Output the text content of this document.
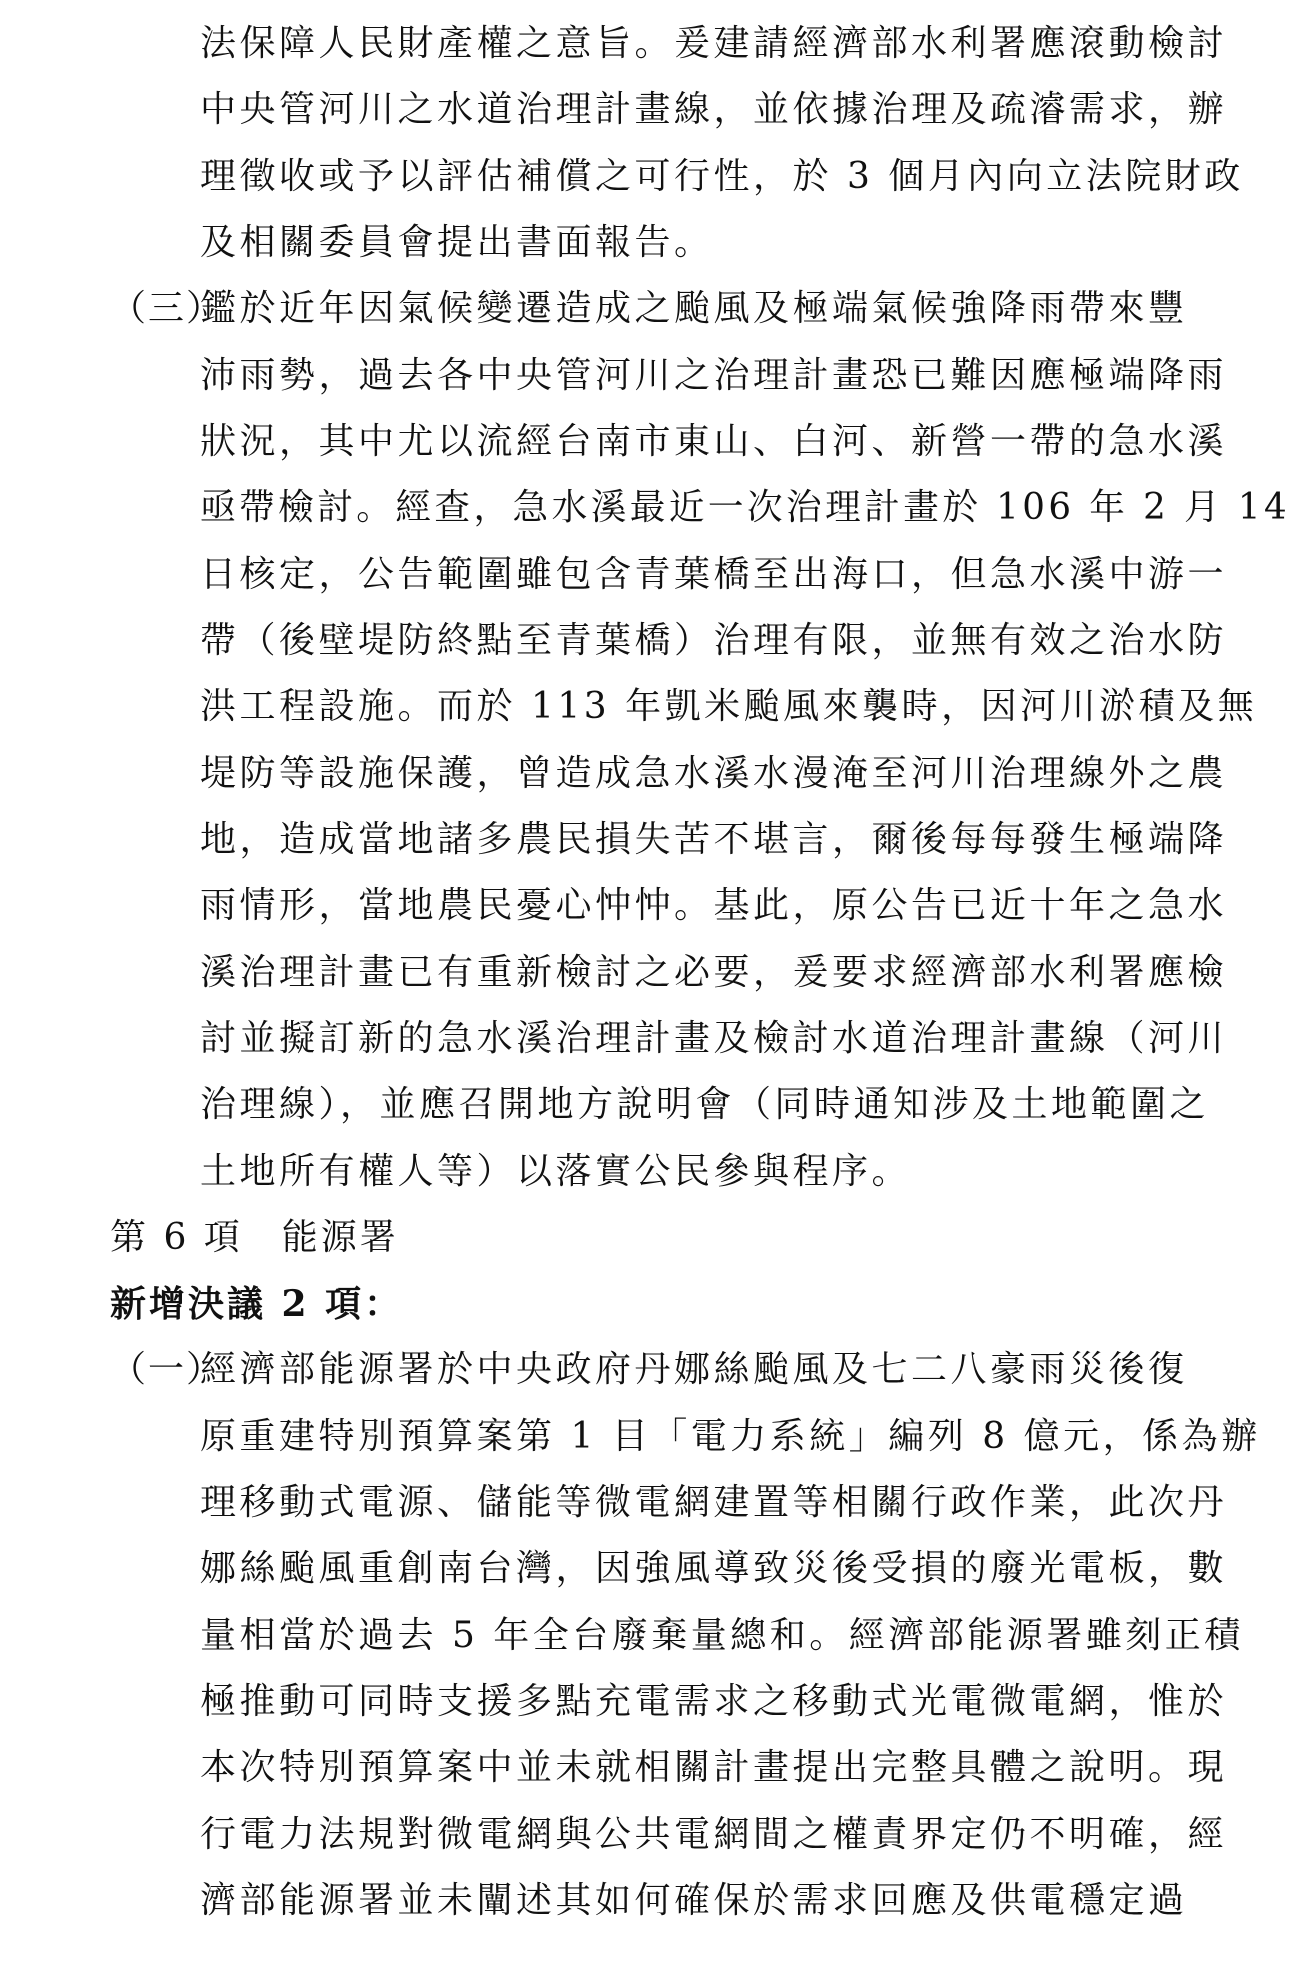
法保障人民財產權之意旨。爰建請經濟部水利署應滾動檢討
中央管河川之水道治理計畫線，並依據治理及疏濬需求，辦
理徵收或予以評估補償之可行性，於 3 個月內向立法院財政
及相關委員會提出書面報告。
（三）
鑑於近年因氣候變遷造成之颱風及極端氣候強降雨帶來豐
沛雨勢，過去各中央管河川之治理計畫恐已難因應極端降雨
狀況，其中尤以流經台南市東山、白河、新營一帶的急水溪
亟帶檢討。經查，急水溪最近一次治理計畫於 106 年 2 月 14
日核定，公告範圍雖包含青葉橋至出海口，但急水溪中游一
帶（後壁堤防終點至青葉橋）治理有限，並無有效之治水防
洪工程設施。而於 113 年凱米颱風來襲時，因河川淤積及無
堤防等設施保護，曾造成急水溪水漫淹至河川治理線外之農
地，造成當地諸多農民損失苦不堪言，爾後每每發生極端降
雨情形，當地農民憂心忡忡。基此，原公告已近十年之急水
溪治理計畫已有重新檢討之必要，爰要求經濟部水利署應檢
討並擬訂新的急水溪治理計畫及檢討水道治理計畫線（河川
治理線），並應召開地方說明會（同時通知涉及土地範圍之
土地所有權人等）以落實公民參與程序。
第 6 項　能源署
新增決議 2 項：
（一）
經濟部能源署於中央政府丹娜絲颱風及七二八豪雨災後復
原重建特別預算案第 1 目「電力系統」編列 8 億元，係為辦
理移動式電源、儲能等微電網建置等相關行政作業，此次丹
娜絲颱風重創南台灣，因強風導致災後受損的廢光電板，數
量相當於過去 5 年全台廢棄量總和。經濟部能源署雖刻正積
極推動可同時支援多點充電需求之移動式光電微電網，惟於
本次特別預算案中並未就相關計畫提出完整具體之說明。現
行電力法規對微電網與公共電網間之權責界定仍不明確，經
濟部能源署並未闡述其如何確保於需求回應及供電穩定過
